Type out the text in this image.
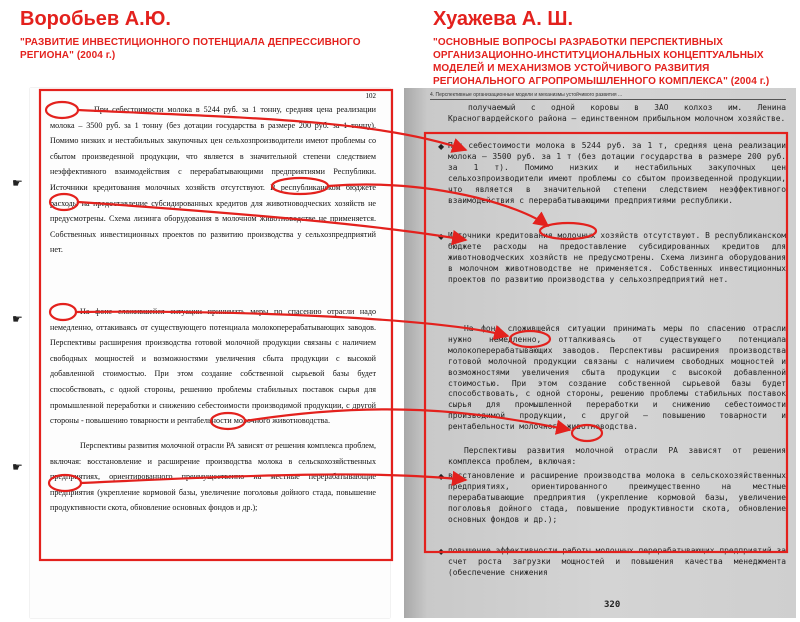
Воробьев А.Ю.
"РАЗВИТИЕ ИНВЕСТИЦИОННОГО ПОТЕНЦИАЛА ДЕПРЕССИВНОГО РЕГИОНА" (2004 г.)
Хуажева А. Ш.
"ОСНОВНЫЕ ВОПРОСЫ РАЗРАБОТКИ ПЕРСПЕКТИВНЫХ ОРГАНИЗАЦИОННО-ИНСТИТУЦИОНАЛЬНЫХ КОНЦЕПТУАЛЬНЫХ МОДЕЛЕЙ И МЕХАНИЗМОВ УСТОЙЧИВОГО РАЗВИТИЯ РЕГИОНАЛЬНОГО АГРОПРОМЫШЛЕННОГО КОМПЛЕКСА" (2004 г.)
102
При себестоимости молока в 5244 руб. за 1 тонну, средняя цена реализации молока – 3500 руб. за 1 тонну (без дотации государства в размере 200 руб. за 1 тонну). Помимо низких и нестабильных закупочных цен сельхозпроизводители имеют проблемы со сбытом произведенной продукции, что является в значительной степени следствием неэффективного взаимодействия с перерабатывающими предприятиями Республики. Источники кредитования молочных хозяйств отсутствуют. В республиканском бюджете расходы на предоставление субсидированных кредитов для животноводческих хозяйств не предусмотрены. Схема лизинга оборудования в молочном животноводстве не применяется. Собственных инвестиционных проектов по развитию производства у сельхозпредприятий нет.
На фоне сложившейся ситуации принимать меры по спасению отрасли надо немедленно, оттакиваясь от существующего потенциала молокоперерабатывающих заводов. Перспективы расширения производства готовой молочной продукции связаны с наличием свободных мощностей и возможностями увеличения сбыта продукции с высокой добавленной стоимостью. При этом создание собственной сырьевой базы будет способствовать, с одной стороны, решению проблемы стабильных поставок сырья для промышленной переработки и снижению себестоимости производимой продукции, с другой стороны - повышению товарности и рентабельности молочного животноводства.
Перспективы развития молочной отрасли РА зависят от решения комплекса проблем, включая: восстановление и расширение производства молока в сельскохозяйственных предприятиях, ориентированного преимущественно на местные перерабатывающие предприятия (укрепление кормовой базы, увеличение поголовья дойного стада, повышение продуктивности скота, обновление основных фондов и др.);
☛
☛
☛
4. Перспективные организационные модели и механизмы устойчивого развития ...
получаемый с одной коровы в ЗАО колхоз им. Ленина Красногвардейского района – единственном прибыльном молочном хозяйстве.
◆ При себестоимости молока в 5244 руб. за 1 т, средняя цена реализации молока – 3500 руб. за 1 т (без дотации государства в размере 200 руб. за 1 т). Помимо низких и нестабильных закупочных цен сельхозпроизводители имеют проблемы со сбытом произведенной продукции, что является в значительной степени следствием неэффективного взаимодействия с перерабатывающими предприятиями республики.
◆ Источники кредитования молочных хозяйств отсутствуют. В республиканском бюджете расходы на предоставление субсидированных кредитов для животноводческих хозяйств не предусмотрены. Схема лизинга оборудования в молочном животноводстве не применяется. Собственных инвестиционных проектов по развитию производства у сельхозпредприятий нет.
На фоне сложившейся ситуации принимать меры по спасению отрасли нужно немедленно, отталкиваясь от существующего потенциала молокоперерабатывающих заводов. Перспективы расширения производства готовой молочной продукции связаны с наличием свободных мощностей и возможностями увеличения сбыта продукции с высокой добавленной стоимостью. При этом создание собственной сырьевой базы будет способствовать, с одной стороны, решению проблемы стабильных поставок сырья для промышленной переработки и снижению себестоимости производимой продукции, с другой – повышению товарности и рентабельности молочного животноводства.
Перспективы развития молочной отрасли РА зависят от решения комплекса проблем, включая:
◆ восстановление и расширение производства молока в сельскохозяйственных предприятиях, ориентированного преимущественно на местные перерабатывающие предприятия (укрепление кормовой базы, увеличение поголовья дойного стада, повышение продуктивности скота, обновление основных фондов и др.);
◆ повышение эффективности работы молочных перерабатывающих предприятий за счет роста загрузки мощностей и повышения качества менеджмента (обеспечение снижения
320
